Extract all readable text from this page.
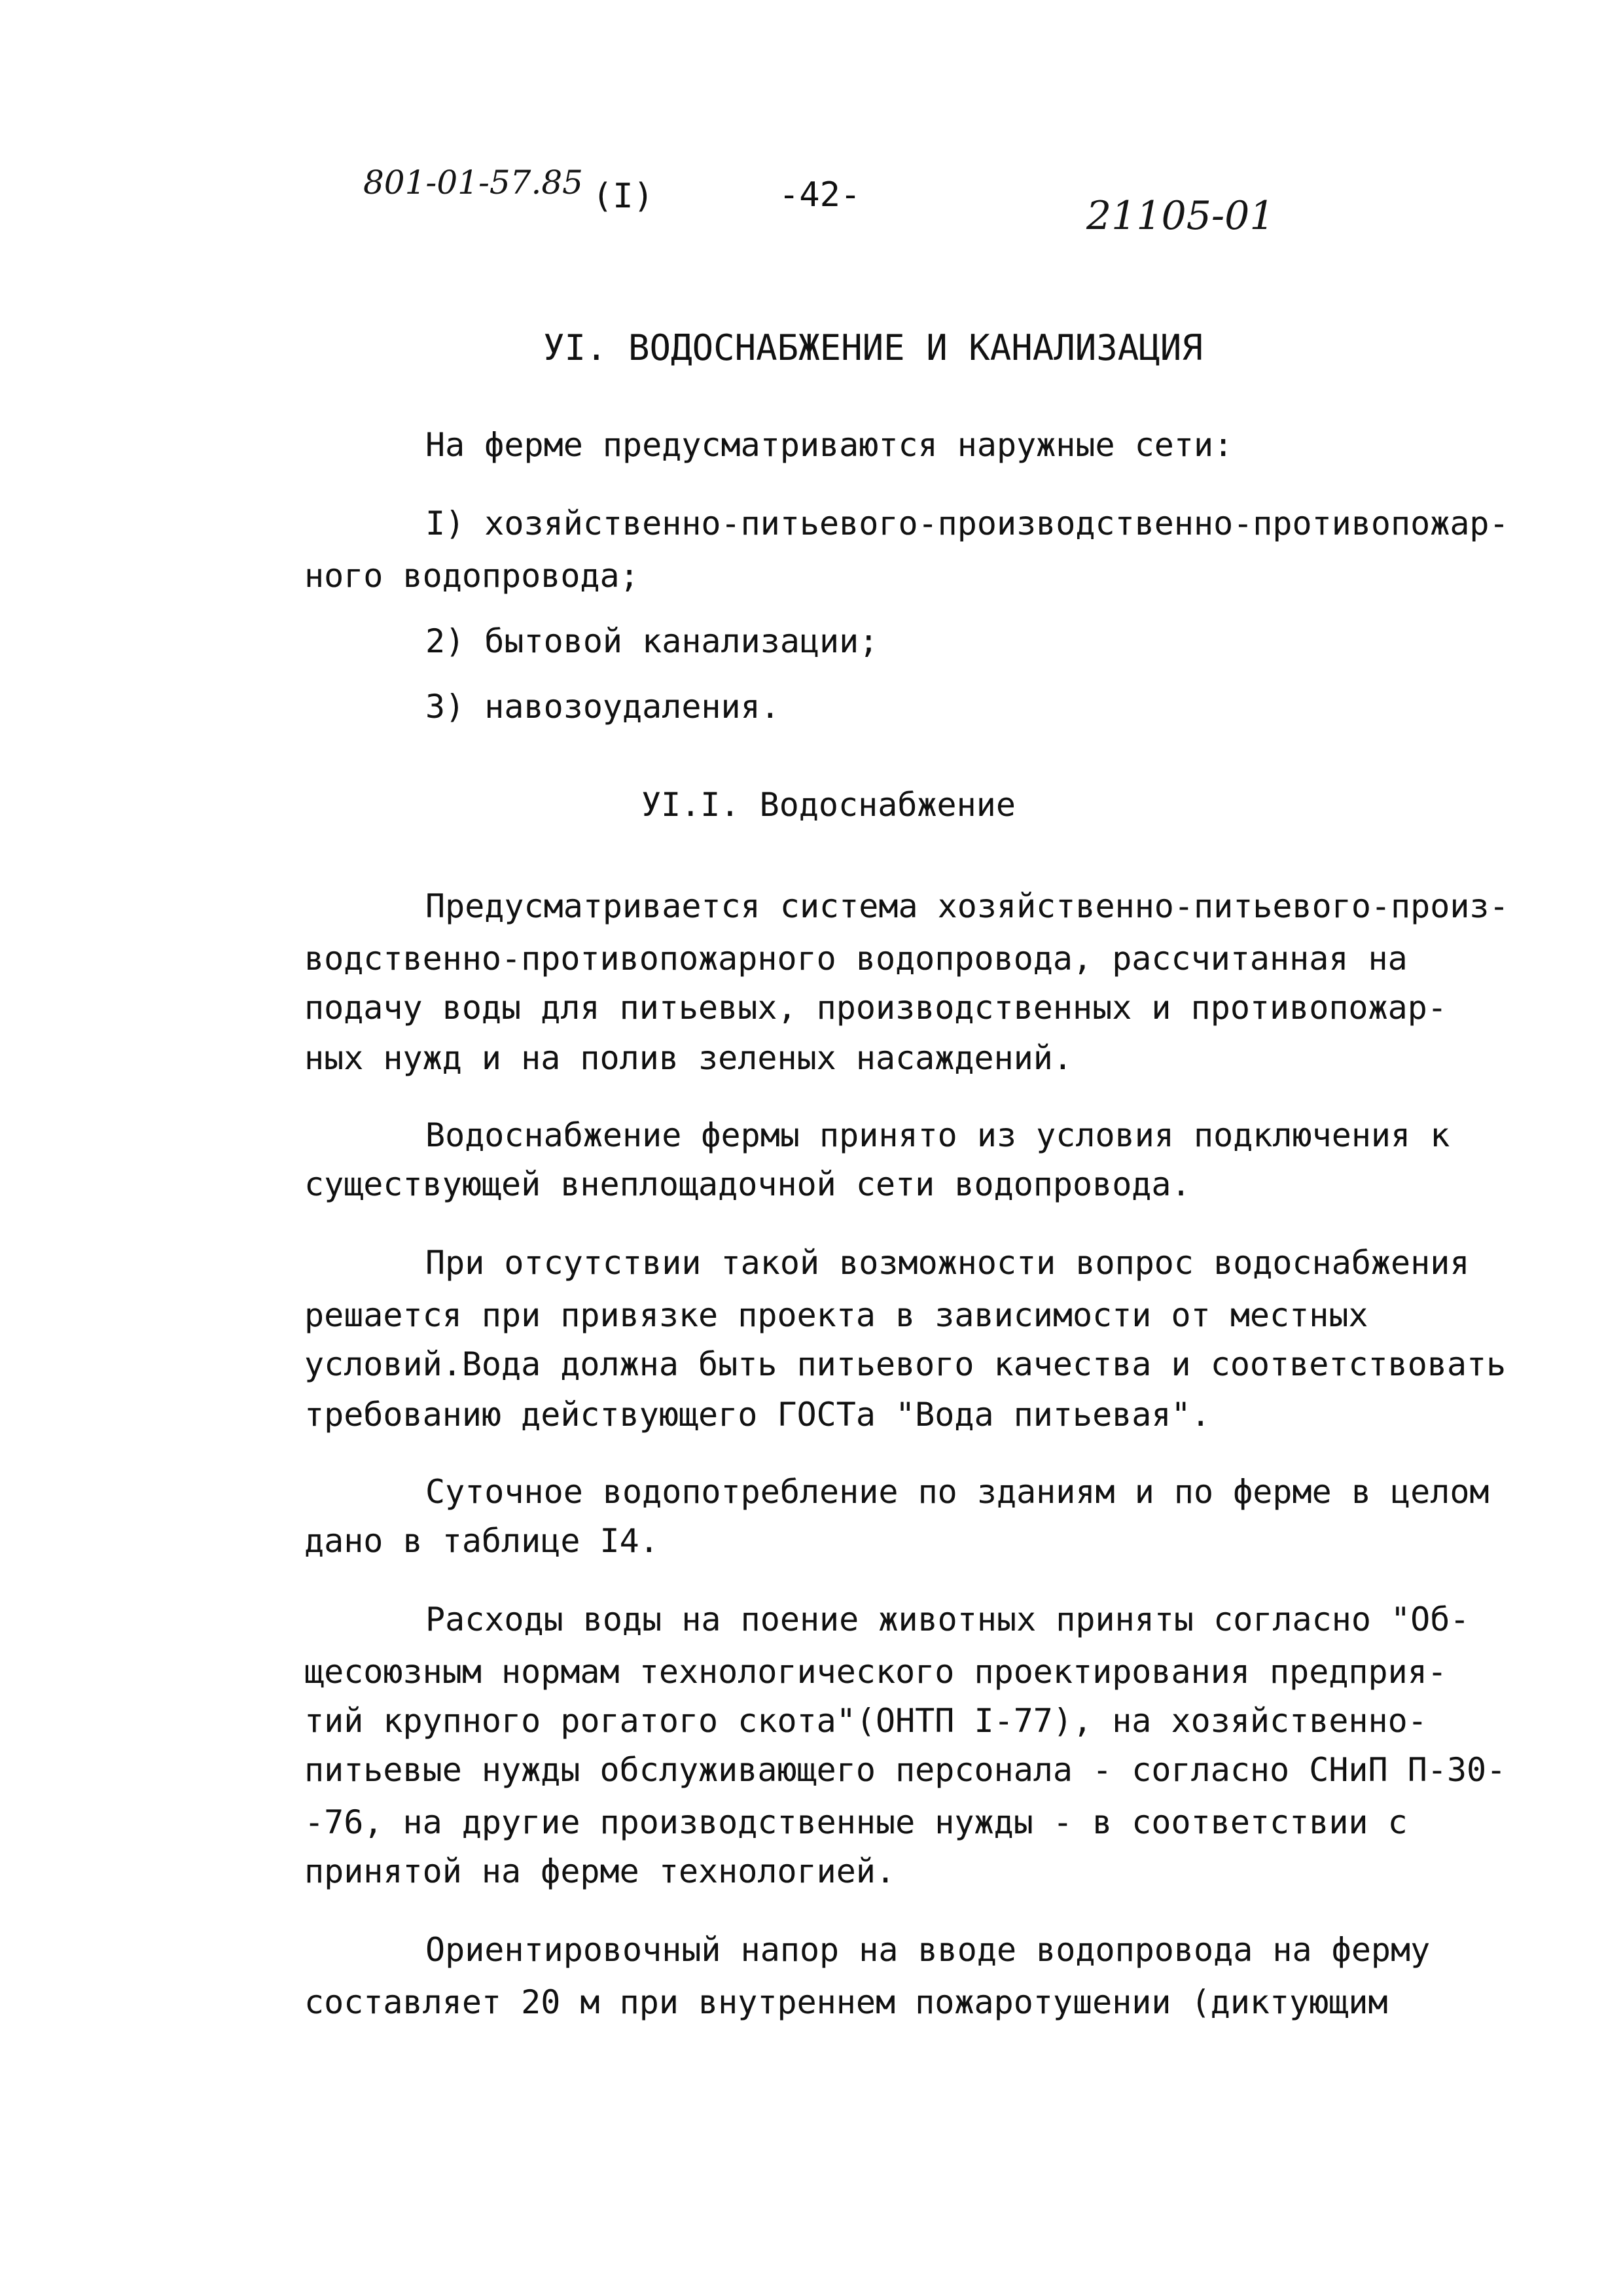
801-01-57.85 (I)	-42-	21105-01
УI. ВОДОСНАБЖЕНИЕ И КАНАЛИЗАЦИЯ
На ферме предусматриваются наружные сети:
I) хозяйственно-питьевого-производственно-противопожар-
ного водопровода;
2) бытовой канализации;
3) навозоудаления.
УI.I. Водоснабжение
Предусматривается система хозяйственно-питьевого-произ-
водственно-противопожарного водопровода, рассчитанная на
подачу воды для питьевых, производственных и противопожар-
ных нужд и на полив зеленых насаждений.
Водоснабжение фермы принято из условия подключения к
существующей внеплощадочной сети водопровода.
При отсутствии такой возможности вопрос водоснабжения
решается при привязке проекта в зависимости от местных
условий.Вода должна быть питьевого качества и соответствовать
требованию действующего ГОСТа "Вода питьевая".
Суточное водопотребление по зданиям и по ферме в целом
дано в таблице I4.
Расходы воды на поение животных приняты согласно "Об-
щесоюзным нормам технологического проектирования предприя-
тий крупного рогатого скота"(ОНТП I-77), на хозяйственно-
питьевые нужды обслуживающего персонала - согласно СНиП П-30-
-76, на другие производственные нужды - в соответствии с
принятой на ферме технологией.
Ориентировочный напор на вводе водопровода на ферму
составляет 20 м при внутреннем пожаротушении (диктующим
